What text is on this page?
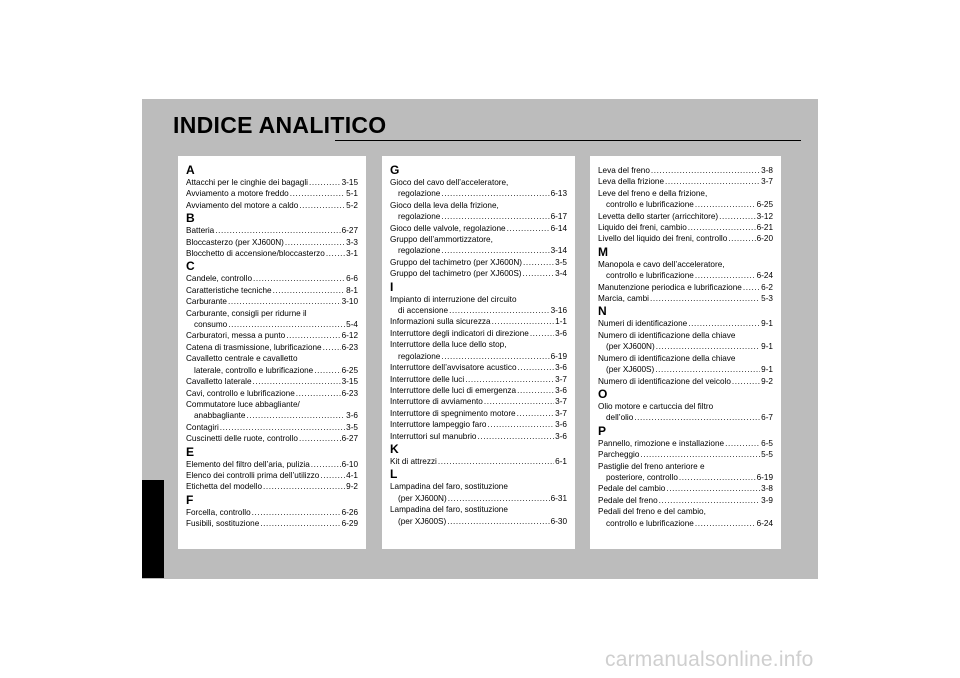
INDICE ANALITICO
A
Attacchi per le cinghie dei bagagli .....	3-15
Avviamento a motore freddo .....	5-1
Avviamento del motore a caldo .....	5-2
B
Batteria .....	6-27
Bloccasterzo (per XJ600N) .....	3-3
Blocchetto di accensione/bloccasterzo .....	3-1
C
Candele, controllo .....	6-6
Caratteristiche tecniche .....	8-1
Carburante .....	3-10
Carburante, consigli per ridurne il
consumo .....	5-4
Carburatori, messa a punto .....	6-12
Catena di trasmissione, lubrificazione ..... 6-23
Cavalletto centrale e cavalletto
laterale, controllo e lubrificazione .....	6-25
Cavalletto laterale .....	3-15
Cavi, controllo e lubrificazione .....	6-23
Commutatore luce abbagliante/
anabbagliante .....	3-6
Contagiri .....	3-5
Cuscinetti delle ruote, controllo .....	6-27
E
Elemento del filtro dell’aria, pulizia .....	6-10
Elenco dei controlli prima dell’utilizzo .....	4-1
Etichetta del modello .....	9-2
F
Forcella, controllo .....	6-26
Fusibili, sostituzione .....	6-29
G
Gioco del cavo dell’acceleratore,
regolazione .....	6-13
Gioco della leva della frizione,
regolazione .....	6-17
Gioco delle valvole, regolazione .....	6-14
Gruppo dell’ammortizzatore,
regolazione .....	3-14
Gruppo del tachimetro (per XJ600N) .....	3-5
Gruppo del tachimetro (per XJ600S) .....	3-4
I
Impianto di interruzione del circuito
di accensione .....	3-16
Informazioni sulla sicurezza .....	1-1
Interruttore degli indicatori di direzione .....	3-6
Interruttore della luce dello stop,
regolazione .....	6-19
Interruttore dell’avvisatore acustico .....	3-6
Interruttore delle luci .....	3-7
Interruttore delle luci di emergenza .....	3-6
Interruttore di avviamento .....	3-7
Interruttore di spegnimento motore .....	3-7
Interruttore lampeggio faro .....	3-6
Interruttori sul manubrio .....	3-6
K
Kit di attrezzi .....	6-1
L
Lampadina del faro, sostituzione
(per XJ600N) .....	6-31
Lampadina del faro, sostituzione
(per XJ600S) .....	6-30
Leva del freno .....	3-8
Leva della frizione .....	3-7
Leve del freno e della frizione,
controllo e lubrificazione .....	6-25
Levetta dello starter (arricchitore) .....	3-12
Liquido dei freni, cambio .....	6-21
Livello del liquido dei freni, controllo .....	6-20
M
Manopola e cavo dell’acceleratore,
controllo e lubrificazione .....	6-24
Manutenzione periodica e lubrificazione ..... 6-2
Marcia, cambi .....	5-3
N
Numeri di identificazione .....	9-1
Numero di identificazione della chiave
(per XJ600N) .....	9-1
Numero di identificazione della chiave
(per XJ600S) .....	9-1
Numero di identificazione del veicolo .....	9-2
O
Olio motore e cartuccia del filtro
dell’olio .....	6-7
P
Pannello, rimozione e installazione .....	6-5
Parcheggio .....	5-5
Pastiglie del freno anteriore e
posteriore, controllo .....	6-19
Pedale del cambio .....	3-8
Pedale del freno .....	3-9
Pedali del freno e del cambio,
controllo e lubrificazione .....	6-24
carmanualsonline.info
